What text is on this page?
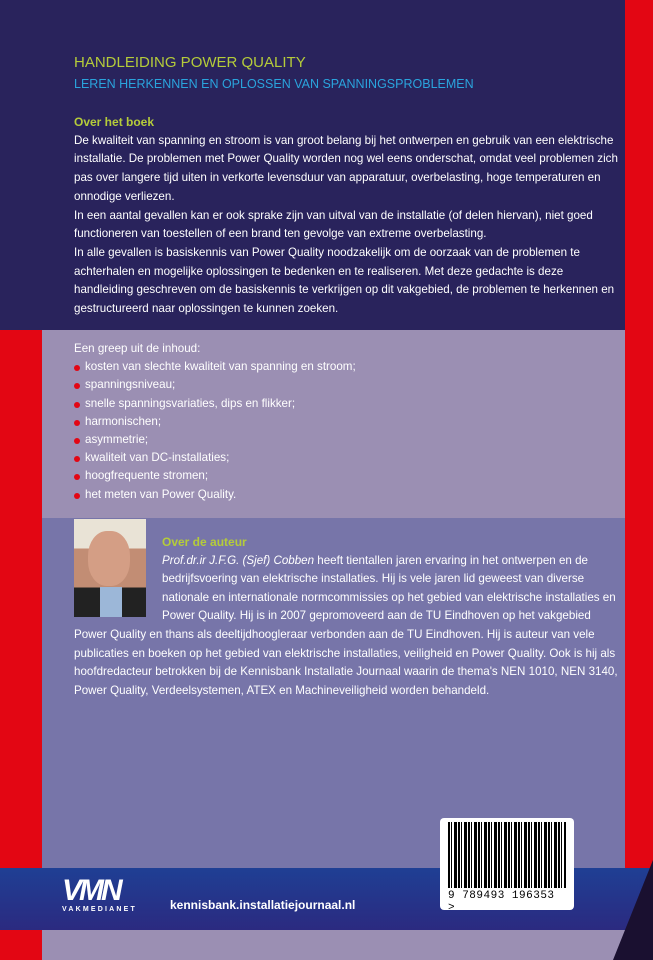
HANDLEIDING POWER QUALITY
LEREN HERKENNEN EN OPLOSSEN VAN SPANNINGSPROBLEMEN
Over het boek

De kwaliteit van spanning en stroom is van groot belang bij het ontwerpen en gebruik van een elektrische installatie. De problemen met Power Quality worden nog wel eens onderschat, omdat veel problemen zich pas over langere tijd uiten in verkorte levensduur van apparatuur, overbelasting, hoge temperaturen en onnodige verliezen.

In een aantal gevallen kan er ook sprake zijn van uitval van de installatie (of delen hiervan), niet goed functioneren van toestellen of een brand ten gevolge van extreme overbelasting.

In alle gevallen is basiskennis van Power Quality noodzakelijk om de oorzaak van de problemen te achterhalen en mogelijke oplossingen te bedenken en te realiseren. Met deze gedachte is deze handleiding geschreven om de basiskennis te verkrijgen op dit vakgebied, de problemen te herkennen en gestructureerd naar oplossingen te kunnen zoeken.

Een greep uit de inhoud:
kosten van slechte kwaliteit van spanning en stroom;
spanningsniveau;
snelle spanningsvariaties, dips en flikker;
harmonischen;
asymmetrie;
kwaliteit van DC-installaties;
hoogfrequente stromen;
het meten van Power Quality.
Over de auteur

Prof.dr.ir J.F.G. (Sjef) Cobben heeft tientallen jaren ervaring in het ontwerpen en de bedrijfsvoering van elektrische installaties. Hij is vele jaren lid geweest van diverse nationale en internationale normcommissies op het gebied van elektrische installaties en Power Quality. Hij is in 2007 gepromoveerd aan de TU Eindhoven op het vakgebied Power Quality en thans als deeltijdhoogleraar verbonden aan de TU Eindhoven. Hij is auteur van vele publicaties en boeken op het gebied van elektrische installaties, veiligheid en Power Quality. Ook is hij als hoofdredacteur betrokken bij de Kennisbank Installatie Journaal waarin de thema's NEN 1010, NEN 3140, Power Quality, Verdeelsystemen, ATEX en Machineveiligheid worden behandeld.

9 789493 196353 >
VMN
VAKMEDIANET	kennisbank.installatiejournaal.nl
